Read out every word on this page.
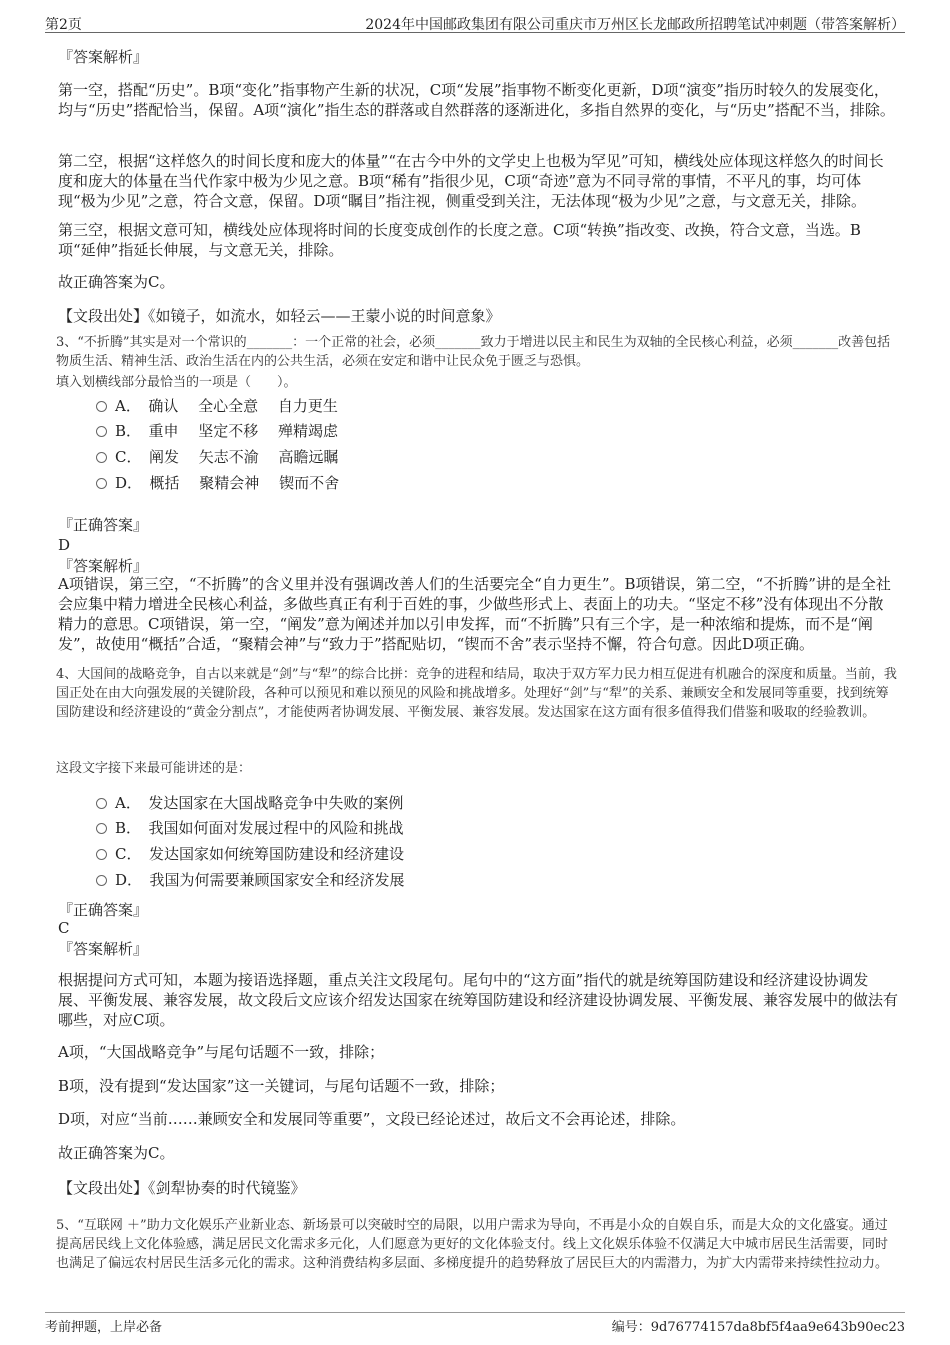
第2页	2024年中国邮政集团有限公司重庆市万州区长龙邮政所招聘笔试冲刺题（带答案解析）
『答案解析』
第一空，搭配“历史”。B项“变化”指事物产生新的状况，C项“发展”指事物不断变化更新，D项“演变”指历时较久的发展变化，均与“历史”搭配恰当，保留。A项“演化”指生态的群落或自然群落的逐渐进化，多指自然界的变化，与“历史”搭配不当，排除。
第二空，根据“这样悠久的时间长度和庞大的体量”“在古今中外的文学史上也极为罕见”可知，横线处应体现这样悠久的时间长度和庞大的体量在当代作家中极为少见之意。B项“稀有”指很少见，C项“奇迹”意为不同寻常的事情，不平凡的事，均可体现“极为少见”之意，符合文意，保留。D项“瞩目”指注视，侧重受到关注，无法体现“极为少见”之意，与文意无关，排除。
第三空，根据文意可知，横线处应体现将时间的长度变成创作的长度之意。C项“转换”指改变、改换，符合文意，当选。B项“延伸”指延长伸展，与文意无关，排除。
故正确答案为C。
【文段出处】《如镜子，如流水，如轻云——王蒙小说的时间意象》
3、“不折腾”其实是对一个常识的_______：一个正常的社会，必须_______致力于增进以民主和民生为双轴的全民核心利益，必须_______改善包括物质生活、精神生活、政治生活在内的公共生活，必须在安定和谐中让民众免于匮乏与恐惧。
填入划横线部分最恰当的一项是（　　）。
A．　确认　 全心全意　 自力更生
B．　重申　 坚定不移　 殚精竭虑
C．　阐发　 矢志不渝　 高瞻远瞩
D．　概括　 聚精会神　 锲而不舍
『正确答案』
D
『答案解析』
A项错误，第三空，“不折腾”的含义里并没有强调改善人们的生活要完全“自力更生”。B项错误，第二空，“不折腾”讲的是全社会应集中精力增进全民核心利益，多做些真正有利于百姓的事，少做些形式上、表面上的功夫。“坚定不移”没有体现出不分散精力的意思。C项错误，第一空，“阐发”意为阐述并加以引申发挥，而“不折腾”只有三个字，是一种浓缩和提炼，而不是“阐发”，故使用“概括”合适，“聚精会神”与“致力于”搭配贴切，“锲而不舍”表示坚持不懈，符合句意。因此D项正确。
4、大国间的战略竞争，自古以来就是“剑”与“犁”的综合比拼：竞争的进程和结局，取决于双方军力民力相互促进有机融合的深度和质量。当前，我国正处在由大向强发展的关键阶段，各种可以预见和难以预见的风险和挑战增多。处理好“剑”与“犁”的关系、兼顾安全和发展同等重要，找到统筹国防建设和经济建设的“黄金分割点”，才能使两者协调发展、平衡发展、兼容发展。发达国家在这方面有很多值得我们借鉴和吸取的经验教训。
这段文字接下来最可能讲述的是：
A．　发达国家在大国战略竞争中失败的案例
B．　我国如何面对发展过程中的风险和挑战
C．　发达国家如何统筹国防建设和经济建设
D．　我国为何需要兼顾国家安全和经济发展
『正确答案』
C
『答案解析』
根据提问方式可知，本题为接语选择题，重点关注文段尾句。尾句中的“这方面”指代的就是统筹国防建设和经济建设协调发展、平衡发展、兼容发展，故文段后文应该介绍发达国家在统筹国防建设和经济建设协调发展、平衡发展、兼容发展中的做法有哪些，对应C项。
A项，“大国战略竞争”与尾句话题不一致，排除；
B项，没有提到“发达国家”这一关键词，与尾句话题不一致，排除；
D项，对应“当前……兼顾安全和发展同等重要”，文段已经论述过，故后文不会再论述，排除。
故正确答案为C。
【文段出处】《剑犁协奏的时代镜鉴》
5、“互联网 ＋”助力文化娱乐产业新业态、新场景可以突破时空的局限，以用户需求为导向，不再是小众的自娱自乐，而是大众的文化盛宴。通过提高居民线上文化体验感，满足居民文化需求多元化，人们愿意为更好的文化体验支付。线上文化娱乐体验不仅满足大中城市居民生活需要，同时也满足了偏远农村居民生活多元化的需求。这种消费结构多层面、多梯度提升的趋势释放了居民巨大的内需潜力，为扩大内需带来持续性拉动力。
考前押题，上岸必备	编号：9d76774157da8bf5f4aa9e643b90ec23
